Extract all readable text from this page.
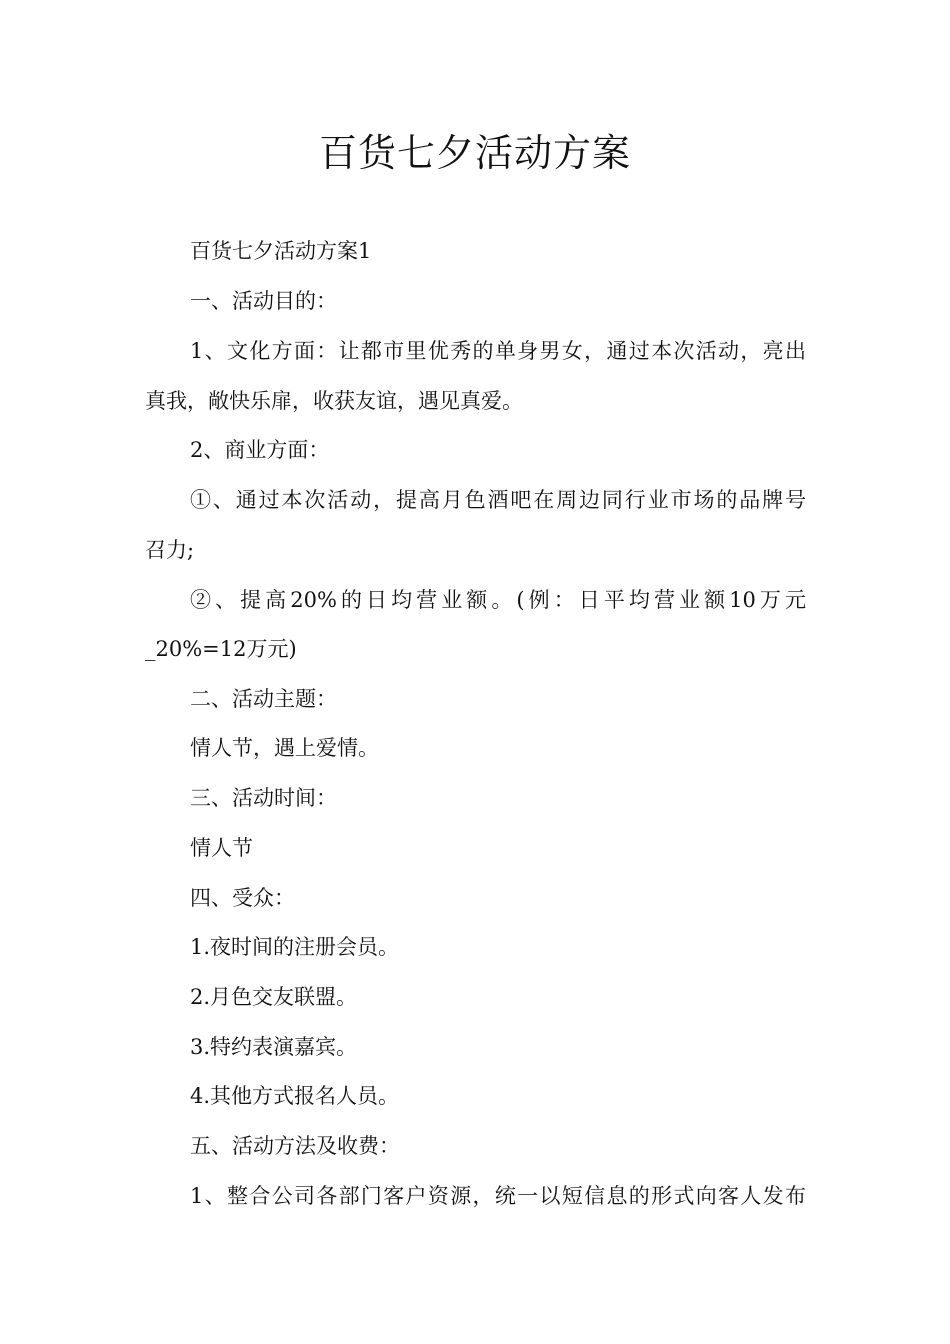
百货七夕活动方案
百货七夕活动方案1
一、活动目的：
1、文化方面：让都市里优秀的单身男女，通过本次活动，亮出
真我，敞快乐扉，收获友谊，遇见真爱。
2、商业方面：
①、通过本次活动，提高月色酒吧在周边同行业市场的品牌号
召力;
②、提高20%的日均营业额。(例：日平均营业额10万元
_20%=12万元)
二、活动主题：
情人节，遇上爱情。
三、活动时间：
情人节
四、受众：
1.夜时间的注册会员。
2.月色交友联盟。
3.特约表演嘉宾。
4.其他方式报名人员。
五、活动方法及收费：
1、整合公司各部门客户资源，统一以短信息的形式向客人发布
